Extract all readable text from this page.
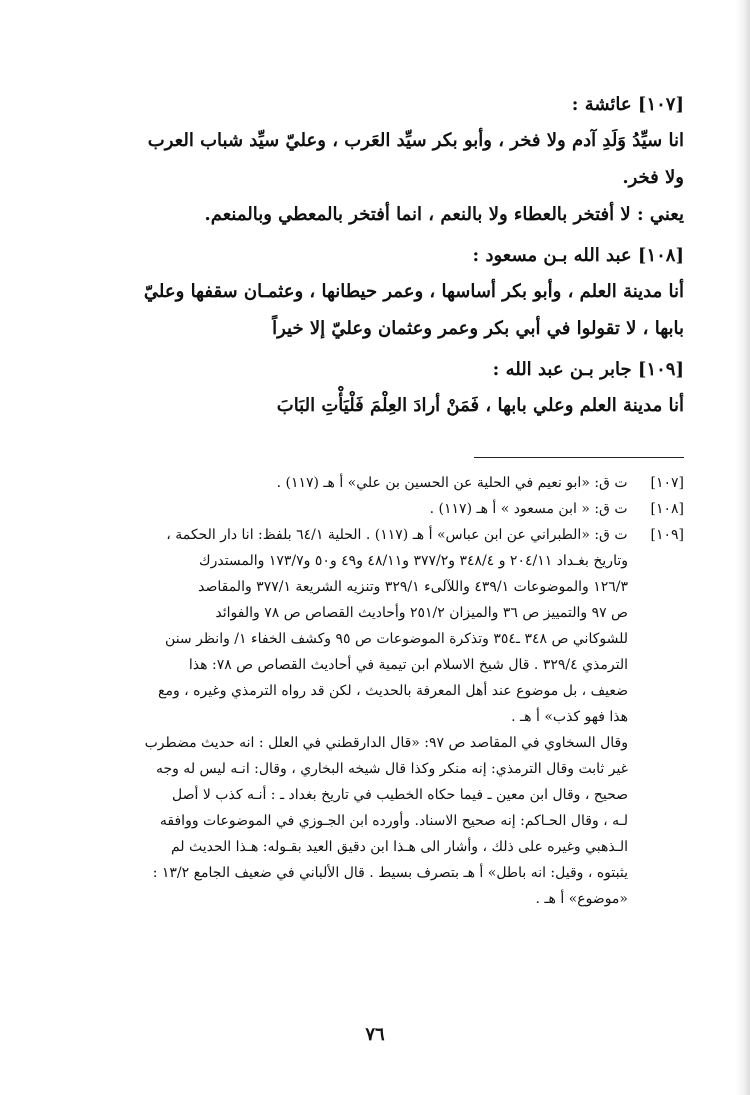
[١٠٧] عائشة :
انا سيِّدُ وَلَدِ آدم ولا فخر ، وأبو بكر سيِّد العَرب ، وعليّ سيِّد شباب العرب
ولا فخر.
يعني : لا أفتخر بالعطاء ولا بالنعم ، انما أفتخر بالمعطي وبالمنعم.
[١٠٨] عبد الله بـن مسعود :
أنا مدينة العلم ، وأبو بكر أساسها ، وعمر حيطانها ، وعثمـان سقفها وعليّ
بابها ، لا تقولوا في أبي بكر وعمر وعثمان وعليّ إلا خيراً
[١٠٩] جابر بـن عبد الله :
أنا مدينة العلم وعلي بابها ، فَمَنْ أرادَ العِلْمَ فَلْيَأْتِ البَابَ
[١٠٧] ت ق: «ابو نعيم في الحلية عن الحسين بن علي» أ هـ (١١٧) .
[١٠٨] ت ق: « ابن مسعود » أ هـ (١١٧) .
[١٠٩] ت ق: «الطبراني عن ابن عباس» أ هـ (١١٧) . الحلية ٦٤/١ بلفظ: انا دار الحكمة ،
وتاريخ بغـداد ٢٠٤/١١ و ٣٤٨/٤ و٣٧٧/٢ و٤٨/١١ و٤٩ و٥٠ و١٧٣/٧ والمستدرك
١٢٦/٣ والموضوعات ٤٣٩/١ واللآلىء ٣٢٩/١ وتنزيه الشريعة ٣٧٧/١ والمقاصد
ص ٩٧ والتمييز ص ٣٦ والميزان ٢٥١/٢ وأحاديث القصاص ص ٧٨ والفوائد
للشوكاني ص ٣٤٨ ـ٣٥٤ وتذكرة الموضوعات ص ٩٥ وكشف الخفاء ١/ وانظر سنن
الترمذي ٣٢٩/٤ . قال شيخ الاسلام ابن تيمية في أحاديث القصاص ص ٧٨: هذا
ضعيف ، بل موضوع عند أهل المعرفة بالحديث ، لكن قد رواه الترمذي وغيره ، ومع
هذا فهو كذب» أ هـ .
وقال السخاوي في المقاصد ص ٩٧: «قال الدارقطني في العلل : انه حديث مضطرب
غير ثابت وقال الترمذي: إنه منكر وكذا قال شيخه البخاري ، وقال: انـه ليس له وجه
صحيح ، وقال ابن معين ـ فيما حكاه الخطيب في تاريخ بغداد ـ : أنـه كذب لا أصل
لـه ، وقال الحـاكم: إنه صحيح الاسناد. وأورده ابن الجـوزي في الموضوعات ووافقه
الـذهبي وغيره على ذلك ، وأشار الى هـذا ابن دقيق العيد بقـوله: هـذا الحديث لم
يثبتوه ، وقيل: انه باطل» أ هـ بتصرف بسيط . قال الألباني في ضعيف الجامع ١٣/٢ :
«موضوع» أ هـ .
٧٦
